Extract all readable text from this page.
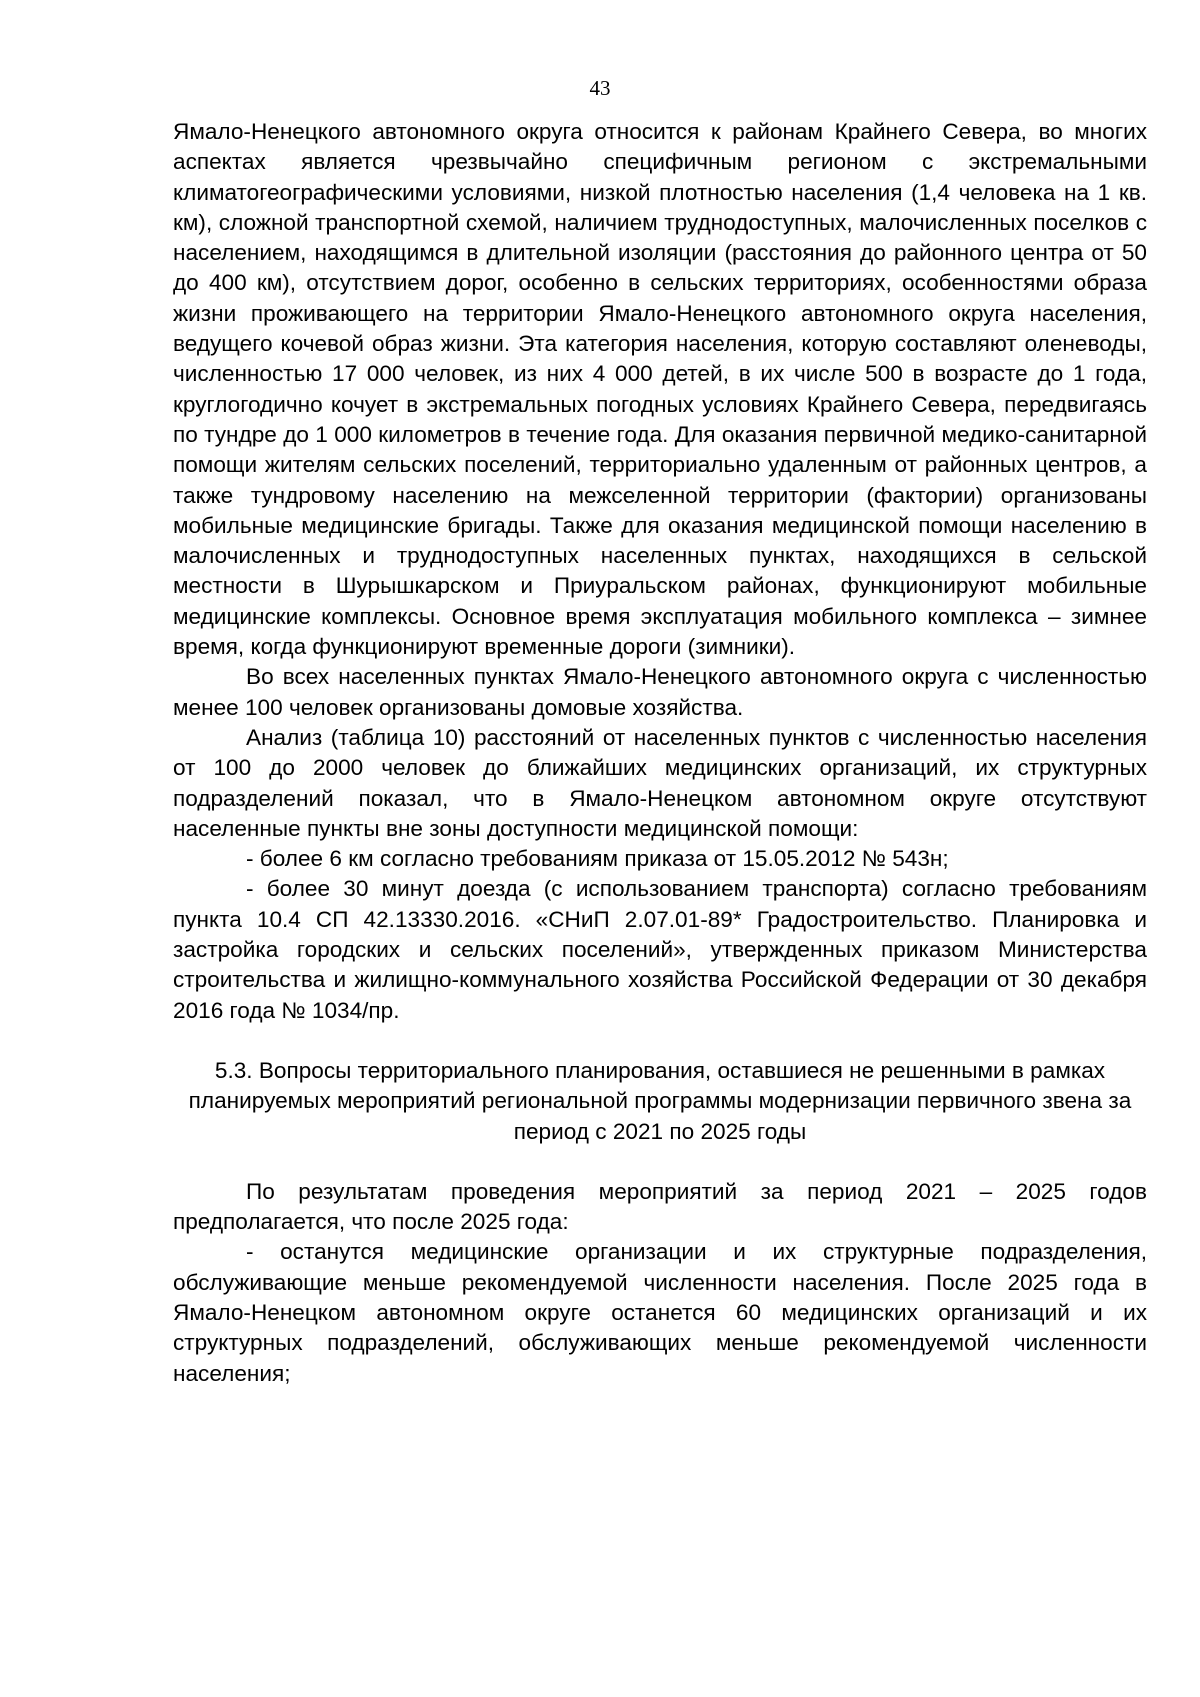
43

Ямало-Ненецкого автономного округа относится к районам Крайнего Севера, во многих аспектах является чрезвычайно специфичным регионом с экстремальными климатогеографическими условиями, низкой плотностью населения (1,4 человека на 1 кв. км), сложной транспортной схемой, наличием труднодоступных, малочисленных поселков с населением, находящимся в длительной изоляции (расстояния до районного центра от 50 до 400 км), отсутствием дорог, особенно в сельских территориях, особенностями образа жизни проживающего на территории Ямало-Ненецкого автономного округа населения, ведущего кочевой образ жизни. Эта категория населения, которую составляют оленеводы, численностью 17 000 человек, из них 4 000 детей, в их числе 500 в возрасте до 1 года, круглогодично кочует в экстремальных погодных условиях Крайнего Севера, передвигаясь по тундре до 1 000 километров в течение года. Для оказания первичной медико-санитарной помощи жителям сельских поселений, территориально удаленным от районных центров, а также тундровому населению на межселенной территории (фактории) организованы мобильные медицинские бригады. Также для оказания медицинской помощи населению в малочисленных и труднодоступных населенных пунктах, находящихся в сельской местности в Шурышкарском и Приуральском районах, функционируют мобильные медицинские комплексы. Основное время эксплуатация мобильного комплекса – зимнее время, когда функционируют временные дороги (зимники).

Во всех населенных пунктах Ямало-Ненецкого автономного округа с численностью менее 100 человек организованы домовые хозяйства.

Анализ (таблица 10) расстояний от населенных пунктов с численностью населения от 100 до 2000 человек до ближайших медицинских организаций, их структурных подразделений показал, что в Ямало-Ненецком автономном округе отсутствуют населенные пункты вне зоны доступности медицинской помощи:

- более 6 км согласно требованиям приказа от 15.05.2012 № 543н;

- более 30 минут доезда (с использованием транспорта) согласно требованиям пункта 10.4 СП 42.13330.2016. «СНиП 2.07.01-89* Градостроительство. Планировка и застройка городских и сельских поселений», утвержденных приказом Министерства строительства и жилищно-коммунального хозяйства Российской Федерации от 30 декабря 2016 года № 1034/пр.

5.3. Вопросы территориального планирования, оставшиеся не решенными в рамках планируемых мероприятий региональной программы модернизации первичного звена за период с 2021 по 2025 годы

По результатам проведения мероприятий за период 2021 – 2025 годов предполагается, что после 2025 года:

- останутся медицинские организации и их структурные подразделения, обслуживающие меньше рекомендуемой численности населения. После 2025 года в Ямало-Ненецком автономном округе останется 60 медицинских организаций и их структурных подразделений, обслуживающих меньше рекомендуемой численности населения;
